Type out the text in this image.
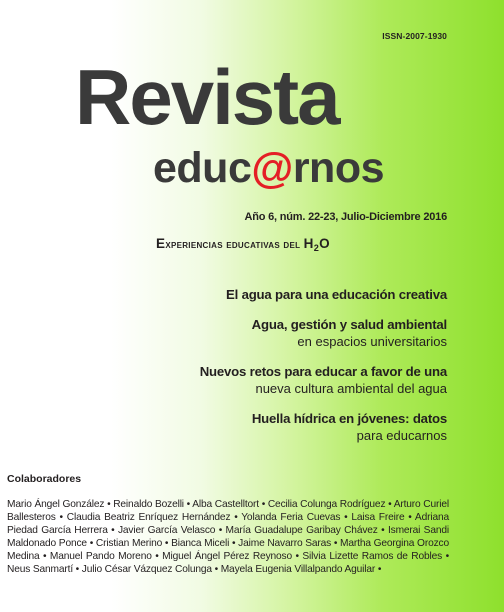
ISSN-2007-1930
Revista
educ@rnos
Año 6, núm. 22-23, Julio-Diciembre 2016
Experiencias educativas del $H_2O$
El agua para una educación creativa
Agua, gestión y salud ambiental
en espacios universitarios
Nuevos retos para educar a favor de una
nueva cultura ambiental del agua
Huella hídrica en jóvenes: datos
para educarnos
Colaboradores
Mario Ángel González • Reinaldo Bozelli • Alba Castelltort • Cecilia Colunga Rodríguez • Arturo Curiel Ballesteros • Claudia Beatriz Enríquez Hernández • Yolanda Feria Cuevas • Laisa Freire • Adriana Piedad García Herrera • Javier García Velasco • María Guadalupe Garibay Chávez • Ismerai Sandi Maldonado Ponce • Cristian Merino • Bianca Miceli • Jaime Navarro Saras • Martha Georgina Orozco Medina • Manuel Pando Moreno • Miguel Ángel Pérez Reynoso • Silvia Lizette Ramos de Robles • Neus Sanmartí • Julio César Vázquez Colunga • Mayela Eugenia Villalpando Aguilar •
